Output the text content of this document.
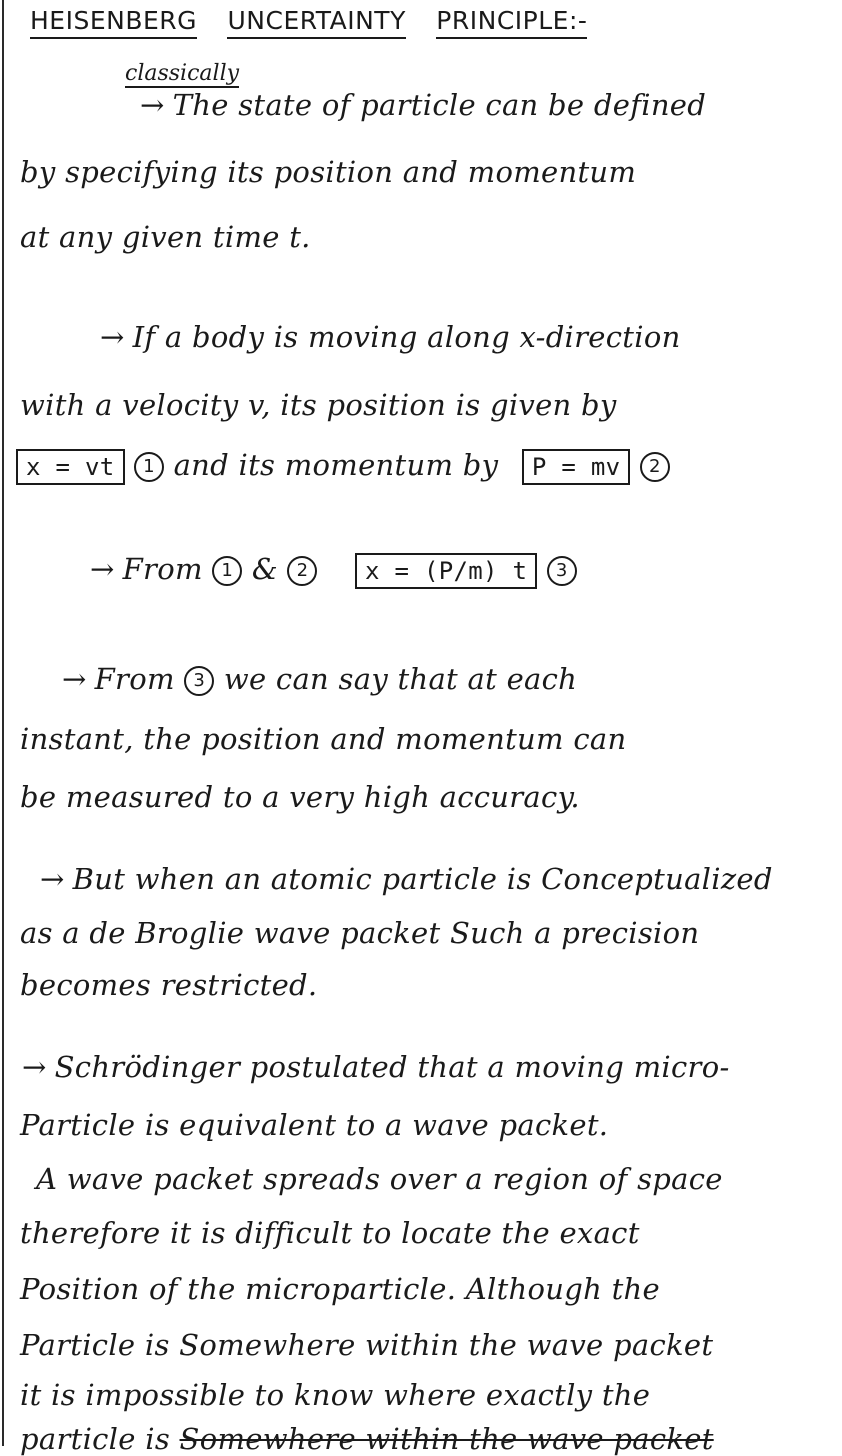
HEISENBERG UNCERTAINTY PRINCIPLE:-
classically
→ The state of particle can be defined
by specifying its position and momentum
at any given time t.
→ If a body is moving along x-direction
with a velocity v, its position is given by
x = vt 1 and its momentum by P = mv 2
→ From 1 & 2 x = (P/m) t 3
→ From 3 we can say that at each
instant, the position and momentum can
be measured to a very high accuracy.
→ But when an atomic particle is Conceptualized
as a de Broglie wave packet Such a precision
becomes restricted.
→ Schrödinger postulated that a moving micro-
Particle is equivalent to a wave packet.
A wave packet spreads over a region of space
therefore it is difficult to locate the exact
Position of the microparticle. Although the
Particle is Somewhere within the wave packet
it is impossible to know where exactly the
particle is Somewhere within the wave packet
